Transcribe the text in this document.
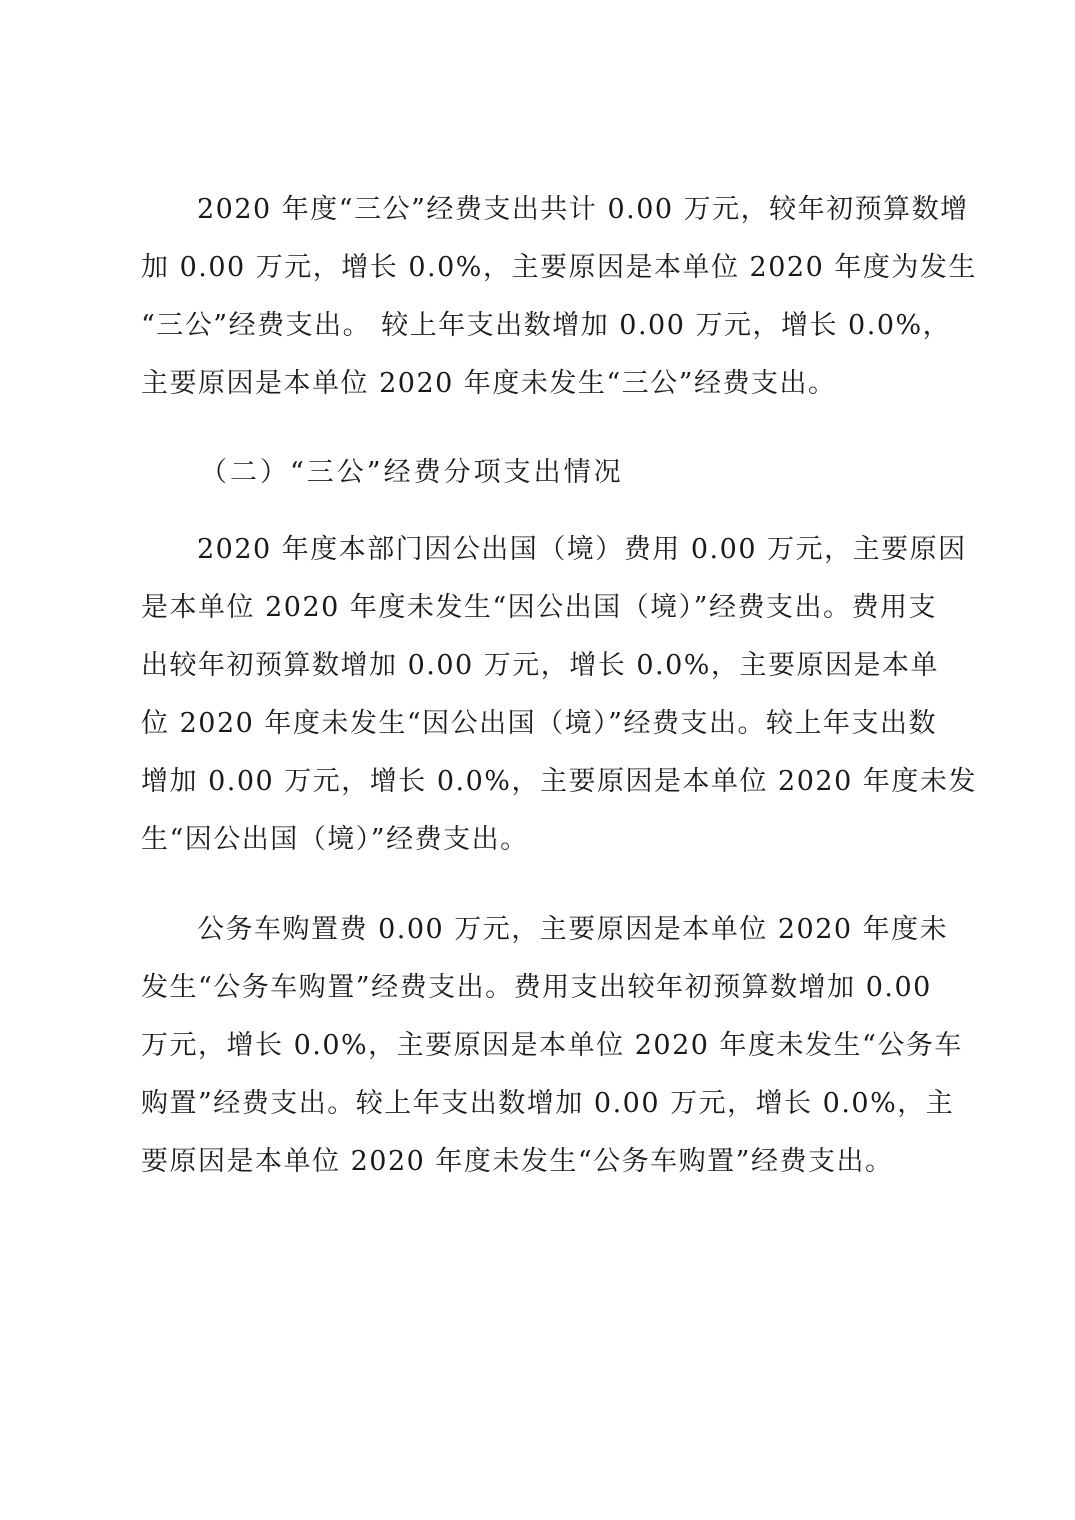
2020 年度“三公”经费支出共计 0.00 万元，较年初预算数增
加 0.00 万元，增长 0.0%，主要原因是本单位 2020 年度为发生
“三公”经费支出。 较上年支出数增加 0.00 万元，增长 0.0%，
主要原因是本单位 2020 年度未发生“三公”经费支出。
（二）“三公”经费分项支出情况
2020 年度本部门因公出国（境）费用 0.00 万元，主要原因
是本单位 2020 年度未发生“因公出国（境）”经费支出。费用支
出较年初预算数增加 0.00 万元，增长 0.0%，主要原因是本单
位 2020 年度未发生“因公出国（境）”经费支出。较上年支出数
增加 0.00 万元，增长 0.0%，主要原因是本单位 2020 年度未发
生“因公出国（境）”经费支出。
公务车购置费 0.00 万元，主要原因是本单位 2020 年度未
发生“公务车购置”经费支出。费用支出较年初预算数增加 0.00
万元，增长 0.0%，主要原因是本单位 2020 年度未发生“公务车
购置”经费支出。较上年支出数增加 0.00 万元，增长 0.0%，主
要原因是本单位 2020 年度未发生“公务车购置”经费支出。
